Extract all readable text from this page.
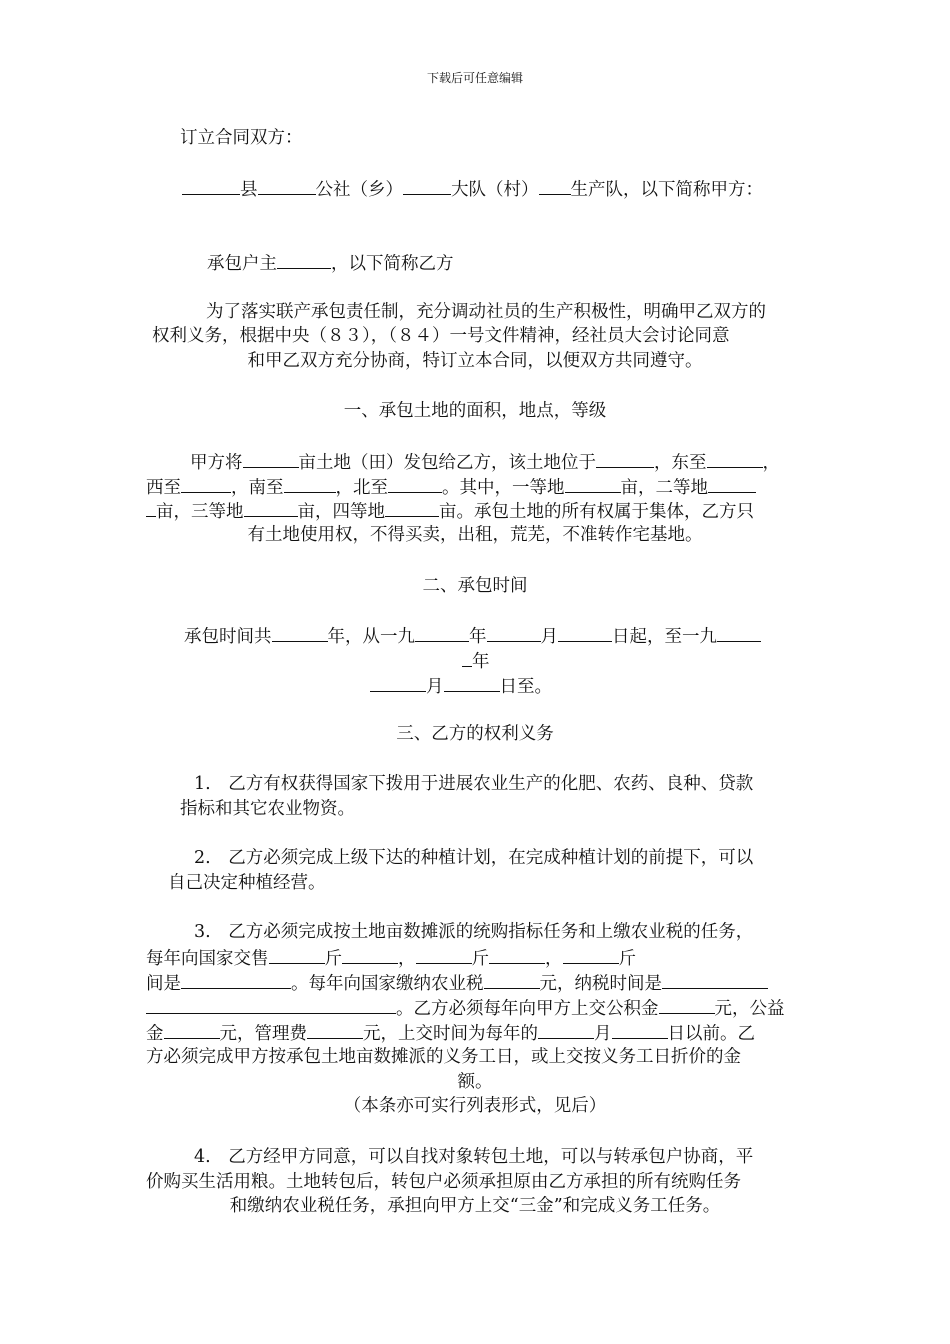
下载后可任意编辑
订立合同双方：
县	公社（乡）	大队（村） 生产队，以下简称甲方：
承包户主	，以下简称乙方
为了落实联产承包责任制，充分调动社员的生产积极性，明确甲乙双方的
权利义务，根据中央（８３），（８４）一号文件精神，经社员大会讨论同意
和甲乙双方充分协商，特订立本合同，以便双方共同遵守。
一、承包土地的面积，地点，等级
甲方将	亩土地（田）发包给乙方，该土地位于	，东至	，
西至	，南至	，北至	。其中，一等地	亩，二等地
亩，三等地	亩，四等地	亩。承包土地的所有权属于集体，乙方只
有土地使用权，不得买卖，出租，荒芜，不准转作宅基地。
二、承包时间
承包时间共	年，从一九	年	月	日起，至一九
年
月	日至。
三、乙方的权利义务
1.　乙方有权获得国家下拨用于进展农业生产的化肥、农药、良种、贷款
指标和其它农业物资。
2.　乙方必须完成上级下达的种植计划，在完成种植计划的前提下，可以
自己决定种植经营。
3.　乙方必须完成按土地亩数摊派的统购指标任务和上缴农业税的任务，
每年向国家交售	斤	，	斤	，	斤
间是	。每年向国家缴纳农业税	元，纳税时间是
。乙方必须每年向甲方上交公积金	元，公益
金	元，管理费	元，上交时间为每年的	月	日以前。乙
方必须完成甲方按承包土地亩数摊派的义务工日，或上交按义务工日折价的金
额。
（本条亦可实行列表形式，见后）
4.　乙方经甲方同意，可以自找对象转包土地，可以与转承包户协商，平
价购买生活用粮。土地转包后，转包户必须承担原由乙方承担的所有统购任务
和缴纳农业税任务，承担向甲方上交“三金”和完成义务工任务。
